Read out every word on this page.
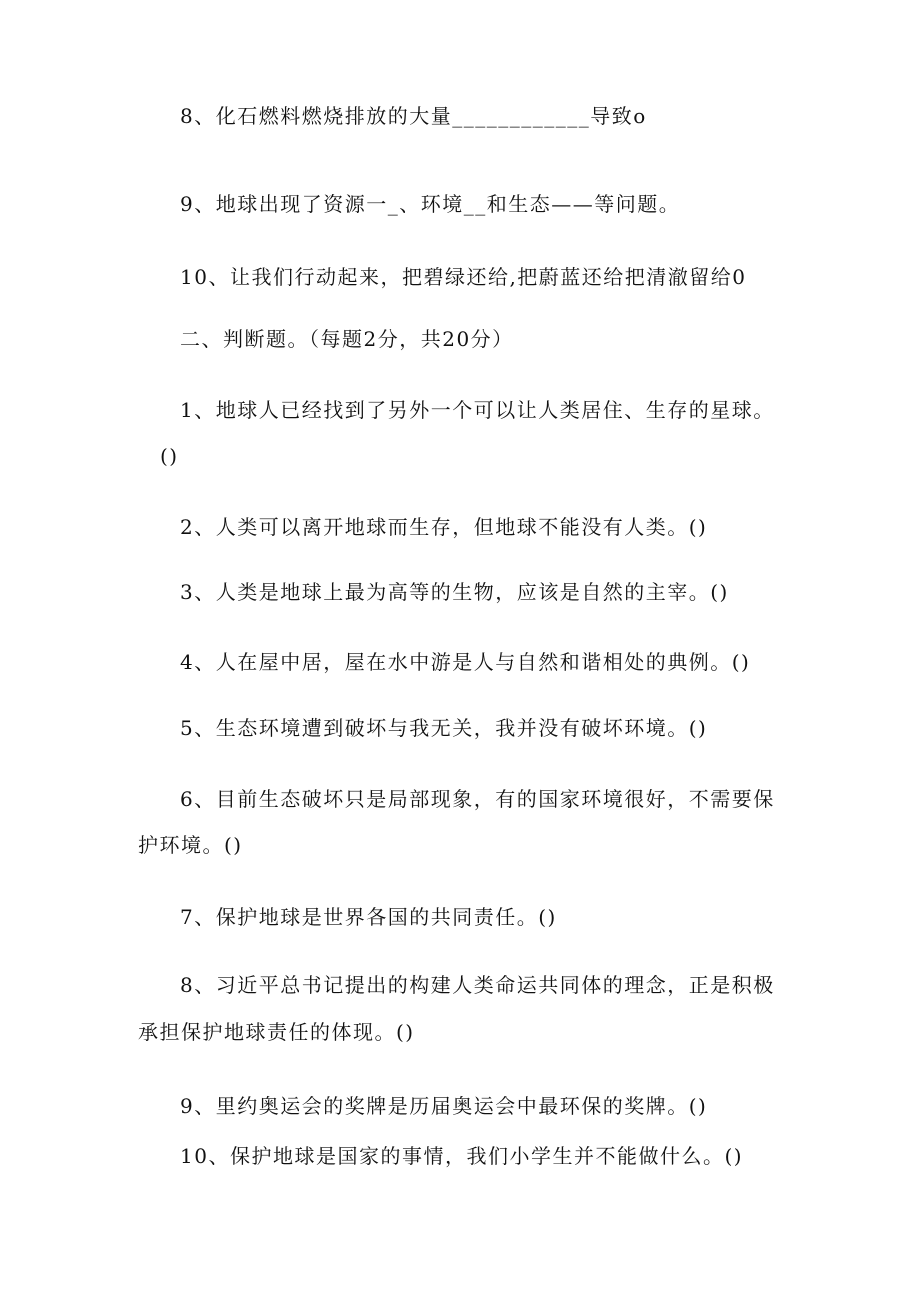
8、化石燃料燃烧排放的大量____________导致o
9、地球出现了资源一_、环境__和生态——等问题。
10、让我们行动起来，把碧绿还给,把蔚蓝还给把清澈留给0
二、判断题。（每题2分，共20分）
1、地球人已经找到了另外一个可以让人类居住、生存的星球。
()
2、人类可以离开地球而生存，但地球不能没有人类。()
3、人类是地球上最为高等的生物，应该是自然的主宰。()
4、人在屋中居，屋在水中游是人与自然和谐相处的典例。()
5、生态环境遭到破坏与我无关，我并没有破坏环境。()
6、目前生态破坏只是局部现象，有的国家环境很好，不需要保
护环境。()
7、保护地球是世界各国的共同责任。()
8、习近平总书记提出的构建人类命运共同体的理念，正是积极
承担保护地球责任的体现。()
9、里约奥运会的奖牌是历届奥运会中最环保的奖牌。()
10、保护地球是国家的事情，我们小学生并不能做什么。()
